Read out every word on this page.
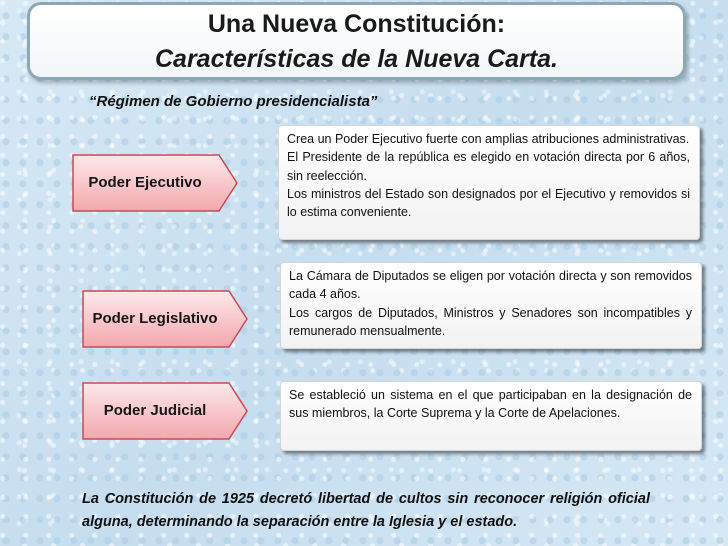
Una Nueva Constitución:
Características de la Nueva Carta.
“Régimen de Gobierno presidencialista”
Poder Ejecutivo
Crea un Poder Ejecutivo fuerte con amplias atribuciones administrativas.
El Presidente de la república es elegido en votación directa por 6 años, sin reelección.
Los ministros del Estado son designados por el Ejecutivo y removidos si lo estima conveniente.
Poder Legislativo
La Cámara de Diputados se eligen por votación directa y son removidos cada 4 años.
Los cargos de Diputados, Ministros y Senadores son incompatibles y remunerado mensualmente.
Poder Judicial
Se estableció un sistema en el que participaban en la designación de sus miembros, la Corte Suprema y la Corte de Apelaciones.
La Constitución de 1925 decretó libertad de cultos sin reconocer religión oficial alguna, determinando la separación entre la Iglesia y el estado.
